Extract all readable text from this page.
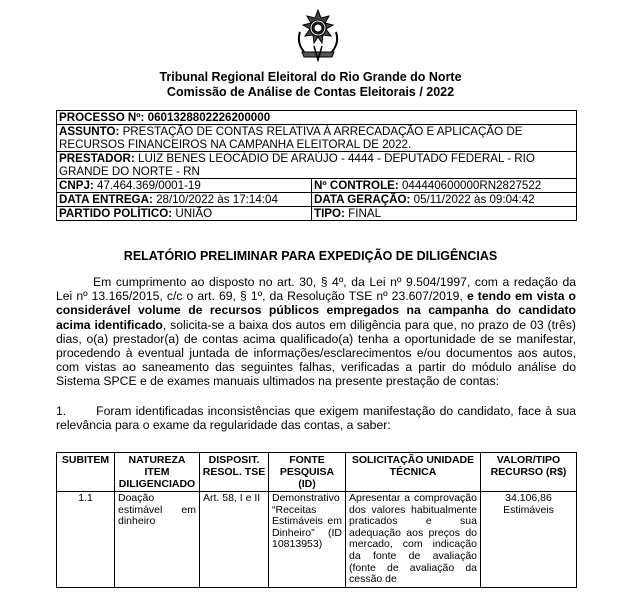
Tribunal Regional Eleitoral do Rio Grande do Norte
Comissão de Análise de Contas Eleitorais / 2022
PROCESSO Nº: 0601328802226200000	
ASSUNTO: PRESTAÇÃO DE CONTAS RELATIVA À ARRECADAÇÃO E APLICAÇÃO DE RECURSOS FINANCEIROS NA CAMPANHA ELEITORAL DE 2022.	
PRESTADOR: LUIZ BENES LEOCÁDIO DE ARAÚJO - 4444 - DEPUTADO FEDERAL - RIO GRANDE DO NORTE - RN	
CNPJ: 47.464.369/0001-19	Nº CONTROLE: 044440600000RN2827522
DATA ENTREGA: 28/10/2022 às 17:14:04	DATA GERAÇÃO: 05/11/2022 às 09:04:42
PARTIDO POLÍTICO: UNIÃO	TIPO: FINAL
RELATÓRIO PRELIMINAR PARA EXPEDIÇÃO DE DILIGÊNCIAS

Em cumprimento ao disposto no art. 30, § 4º, da Lei nº 9.504/1997, com a redação da Lei nº 13.165/2015, c/c o art. 69, § 1º, da Resolução TSE nº 23.607/2019, e tendo em vista o considerável volume de recursos públicos empregados na campanha do candidato acima identificado, solicita-se a baixa dos autos em diligência para que, no prazo de 03 (três) dias, o(a) prestador(a) de contas acima qualificado(a) tenha a oportunidade de se manifestar, procedendo à eventual juntada de informações/esclarecimentos e/ou documentos aos autos, com vistas ao saneamento das seguintes falhas, verificadas a partir do módulo análise do Sistema SPCE e de exames manuais ultimados na presente prestação de contas:

1. Foram identificadas inconsistências que exigem manifestação do candidato, face à sua relevância para o exame da regularidade das contas, a saber:

SUBITEM	NATUREZA ITEM DILIGENCIADO	DISPOSIT. RESOL. TSE	FONTE PESQUISA (ID)	SOLICITAÇÃO UNIDADE TÉCNICA	VALOR/TIPO RECURSO (R$)
1.1	Doação estimável em dinheiro	Art. 58, I e II	Demonstrativo “Receitas Estimáveis em Dinheiro” (ID 10813953)	Apresentar a comprovação dos valores habitualmente praticados e sua adequação aos preços do mercado, com indicação da fonte de avaliação (fonte de avaliação da cessão de	34.106,86 Estimáveis
